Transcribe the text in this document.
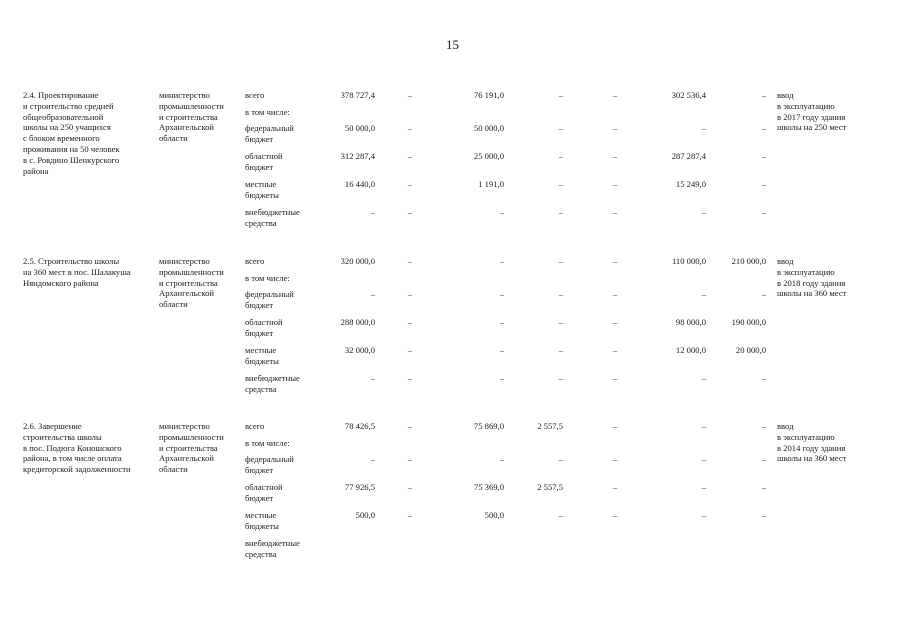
15
2.4. Проектирование
и строительство средней
общеобразовательной
школы на 250 учащихся
с блоком временного
проживания на 50 человек
в с. Ровдино Шенкурского
района
министерство
промышленности
и строительства
Архангельской
области
ввод
в эксплуатацию
в 2017 году здания
школы на 250 мест
всего	378 727,4	–	76 191,0	–	–	302 536,4	–
в том числе:
федеральный
бюджет
50 000,0	–	50 000,0	–	–	–	–
областной
бюджет
312 287,4	–	25 000,0	–	–	287 287,4	–
местные
бюджеты
16 440,0	–	1 191,0	–	–	15 249,0	–
внебюджетные
средства
–	–	–	–	–	–	–
2.5. Строительство школы
на 360 мест в пос. Шалакуша
Няндомского района
министерство
промышленности
и строительства
Архангельской
области
ввод
в эксплуатацию
в 2018 году здания
школы на 360 мест
всего	320 000,0	–	–	–	–	110 000,0	210 000,0
в том числе:
федеральный
бюджет
–	–	–	–	–	–	–
областной
бюджет
288 000,0	–	–	–	–	98 000,0	190 000,0
местные
бюджеты
32 000,0	–	–	–	–	12 000,0	20 000,0
внебюджетные
средства
–	–	–	–	–	–	–
2.6. Завершение
строительства школы
в пос. Подюга Коношского
района, в том числе оплата
кредиторской задолженности
министерство
промышленности
и строительства
Архангельской
области
ввод
в эксплуатацию
в 2014 году здания
школы на 360 мест
всего	78 426,5	–	75 869,0	2 557,5	–	–	–
в том числе:
федеральный
бюджет
–	–	–	–	–	–	–
областной
бюджет
77 926,5	–	75 369,0	2 557,5	–	–	–
местные
бюджеты
500,0	–	500,0	–	–	–	–
внебюджетные
средства
